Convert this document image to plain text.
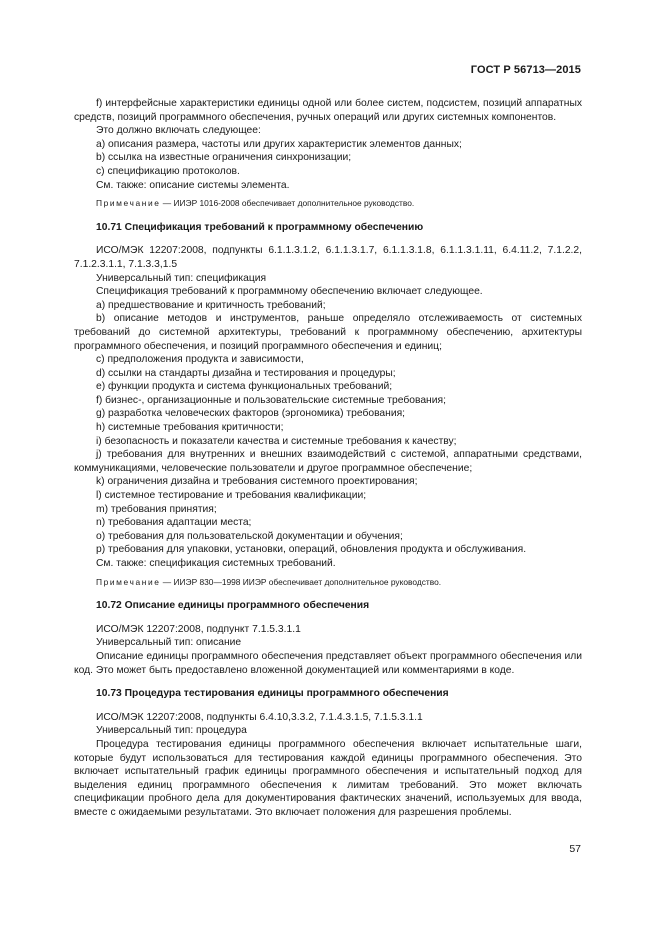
ГОСТ Р 56713—2015

f) интерфейсные характеристики единицы одной или более систем, подсистем, позиций аппаратных средств, позиций программного обеспечения, ручных операций или других системных компонентов.

Это должно включать следующее:

a) описания размера, частоты или других характеристик элементов данных;

b) ссылка на известные ограничения синхронизации;

c) спецификацию протоколов.

См. также: описание системы элемента.

Примечание — ИИЭР 1016-2008 обеспечивает дополнительное руководство.

10.71 Спецификация требований к программному обеспечению

ИСО/МЭК 12207:2008, подпункты 6.1.1.3.1.2, 6.1.1.3.1.7, 6.1.1.3.1.8, 6.1.1.3.1.11, 6.4.11.2, 7.1.2.2, 7.1.2.3.1.1, 7.1.3.3,1.5

Универсальный тип: спецификация

Спецификация требований к программному обеспечению включает следующее.

a) предшествование и критичность требований;

b) описание методов и инструментов, раньше определяло отслеживаемость от системных требований до системной архитектуры, требований к программному обеспечению, архитектуры программного обеспечения, и позиций программного обеспечения и единиц;

c) предположения продукта и зависимости,

d) ссылки на стандарты дизайна и тестирования и процедуры;

e) функции продукта и система функциональных требований;

f) бизнес-, организационные и пользовательские системные требования;

g) разработка человеческих факторов (эргономика) требования;

h) системные требования критичности;

i) безопасность и показатели качества и системные требования к качеству;

j) требования для внутренних и внешних взаимодействий с системой, аппаратными средствами, коммуникациями, человеческие пользователи и другое программное обеспечение;

k) ограничения дизайна и требования системного проектирования;

l) системное тестирование и требования квалификации;

m) требования принятия;

n) требования адаптации места;

o) требования для пользовательской документации и обучения;

p) требования для упаковки, установки, операций, обновления продукта и обслуживания.

См. также: спецификация системных требований.

Примечание — ИИЭР 830—1998 ИИЭР обеспечивает дополнительное руководство.

10.72 Описание единицы программного обеспечения

ИСО/МЭК 12207:2008, подпункт 7.1.5.3.1.1

Универсальный тип: описание

Описание единицы программного обеспечения представляет объект программного обеспечения или код. Это может быть предоставлено вложенной документацией или комментариями в коде.

10.73 Процедура тестирования единицы программного обеспечения

ИСО/МЭК 12207:2008, подпункты 6.4.10,3.3.2, 7.1.4.3.1.5, 7.1.5.3.1.1

Универсальный тип: процедура

Процедура тестирования единицы программного обеспечения включает испытательные шаги, которые будут использоваться для тестирования каждой единицы программного обеспечения. Это включает испытательный график единицы программного обеспечения и испытательный подход для выделения единиц программного обеспечения к лимитам требований. Это может включать спецификации пробного дела для документирования фактических значений, используемых для ввода, вместе с ожидаемыми результатами. Это включает положения для разрешения проблемы.

57
